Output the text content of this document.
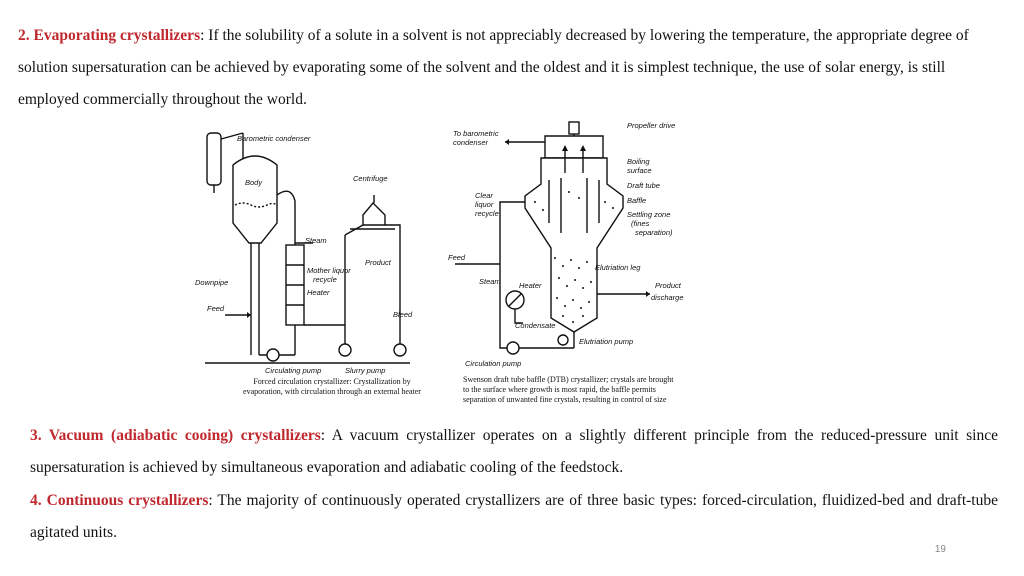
2. Evaporating crystallizers: If the solubility of a solute in a solvent is not appreciably decreased by lowering the temperature, the appropriate degree of solution supersaturation can be achieved by evaporating some of the solvent and the oldest and it is simplest technique, the use of solar energy, is still employed commercially throughout the world.
Barometric condenser
Body	Centrifuge
Steam
Mother liquor
recycle
Product
Downpipe
Heater
Feed
Bleed
Circulating pump	Slurry pump
Forced circulation crystallizer: Crystallization by
evaporation, with circulation through an external heater
To barometric
condenser
Propeller drive
Boiling
surface
Draft tube
Baffle
Settling zone
(fines
separation)
Clear
liquor
recycle
Feed
Elutriation leg
Steam Heater	Product
discharge
Condensate
Elutriation pump
Circulation pump
Swenson draft tube baffle (DTB) crystallizer; crystals are brought
to the surface where growth is most rapid, the baffle permits
separation of unwanted fine crystals, resulting in control of size
3. Vacuum (adiabatic cooing) crystallizers: A vacuum crystallizer operates on a slightly different principle from the reduced-pressure unit since supersaturation is achieved by simultaneous evaporation and adiabatic cooling of the feedstock.
4. Continuous crystallizers: The majority of continuously operated crystallizers are of three basic types: forced-circulation, fluidized-bed and draft-tube agitated units.
19
